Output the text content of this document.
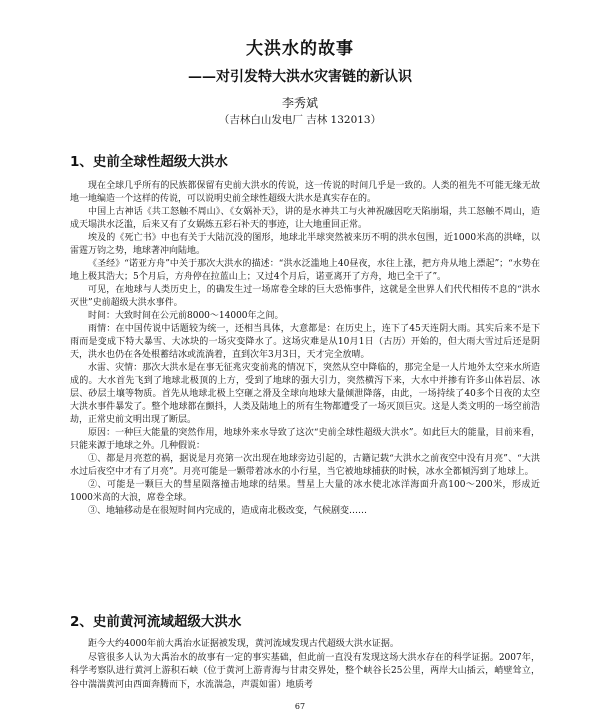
大洪水的故事
——对引发特大洪水灾害链的新认识
李秀斌
（吉林白山发电厂 吉林 132013）
1、史前全球性超级大洪水

现在全球几乎所有的民族都保留有史前大洪水的传说，这一传说的时间几乎是一致的。人类的祖先不可能无缘无故地一地编造一个这样的传说，可以说明史前全球性超级大洪水是真实存在的。

中国上古神话《共工怒触不周山》、《女娲补天》，讲的是水神共工与火神祝融因吃天陷崩塌，共工怒触不周山，造成天塌洪水泛滥，后来又有了女娲炼五彩石补天的事迹，让大地重回正常。

埃及的《死亡书》中也有关于大陆沉没的图形，地球北半球突然被来历不明的洪水包围，近1000米高的洪峰，以雷霆万钧之势，地球著冲向陆地。

《圣经》“诺亚方舟”中关于那次大洪水的描述：“洪水泛滥地上40昼夜，水往上涨，把方舟从地上漂起”；“水势在地上极其浩大；5个月后，方舟停在拉蓝山上；又过4个月后，诺亚离开了方舟，地已全干了”。

可见，在地球与人类历史上，的确发生过一场席卷全球的巨大恐怖事件，这就是全世界人们代代相传不息的“洪水灭世”史前超级大洪水事件。

时间：大致时间在公元前8000～14000年之间。

雨情：在中国传说中话题较为统一，还相当具体，大意都是：在历史上，连下了45天连阴大雨。其实后来不是下雨而是变成下特大暴雪、大冰块的一场灾变降水了。这场灾难是从10月1日（古历）开始的，但大雨大雪过后还是阴天，洪水也仍在各处根蓄结冰或流淌着，直到次年3月3日，天才完全放晴。

水雷、灾情：那次大洪水是在事无征兆灾变前兆的情况下，突然从空中降临的，那完全是一人片地外太空来水所造成的。大水首先飞到了地球北极顶的上方，受到了地球的强大引力，突然横泻下来，大水中并掺有许多山体岩层、冰层、砂层土壤等物质。首先从地球北极上空砸之滑及全球向地球大量倾泄降落，由此，一场持续了40多个日夜的太空大洪水事件暴发了。整个地球都在颤抖，人类及陆地上的所有生物都遭受了一场灭顶巨灾。这是人类文明的一场空前浩劫，正常史前文明出现了断层。

原因：一种巨大能量的突然作用，地球外来水导致了这次“史前全球性超级大洪水”。如此巨大的能量，目前来看，只能来源于地球之外。几种假说：

①、都是月亮惹的祸，据说是月亮第一次出现在地球旁边引起的，古籍记载“大洪水之前夜空中没有月亮”、“大洪水过后夜空中才有了月亮”。月亮可能是一颗带着冰水的小行星，当它被地球捕获的时候，冰水全都倾泻到了地球上。

②、可能是一颗巨大的彗星陨落撞击地球的结果。彗星上大量的冰水使北冰洋海面升高100～200米，形成近1000米高的大浪，席卷全球。

③、地轴移动是在很短时间内完成的，造成南北极改变，气候剧变……

2、史前黄河流域超级大洪水

距今大约4000年前大禹治水证据被发现，黄河流域发现古代超级大洪水证据。

尽管很多人认为大禹治水的故事有一定的事实基础，但此前一直没有发现这场大洪水存在的科学证据。2007年，科学考察队进行黄河上游积石峡（位于黄河上游青海与甘肃交界处，整个峡谷长25公里，两岸大山插云，峭壁耸立，谷中湍湍黄河由西面奔腾而下，水流湍急，声震如雷）地质考

67
